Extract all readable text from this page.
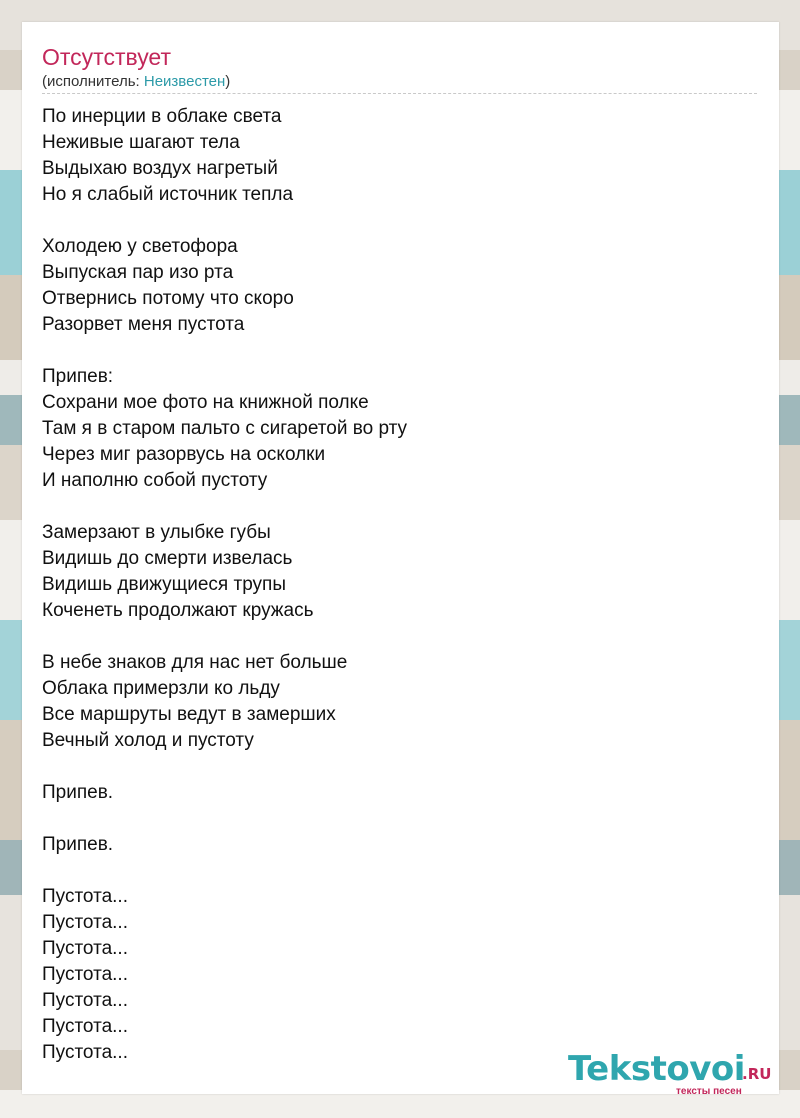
Отсутствует
(исполнитель: Неизвестен)
По инерции в облаке света
Неживые шагают тела
Выдыхаю воздух нагретый
Но я слабый источник тепла
Холодею у светофора
Выпуская пар изо рта
Отвернись потому что скоро
Разорвет меня пустота
Припев:
Сохрани мое фото на книжной полке
Там я в старом пальто с сигаретой во рту
Через миг разорвусь на осколки
И наполню собой пустоту
Замерзают в улыбке губы
Видишь до смерти извелась
Видишь движущиеся трупы
Коченеть продолжают кружась
В небе знаков для нас нет больше
Облака примерзли ко льду
Все маршруты ведут в замерших
Вечный холод и пустоту
Припев.
Припев.
Пустота...
Пустота...
Пустота...
Пустота...
Пустота...
Пустота...
Пустота...	Tekstovoi
.RU
тексты песен
